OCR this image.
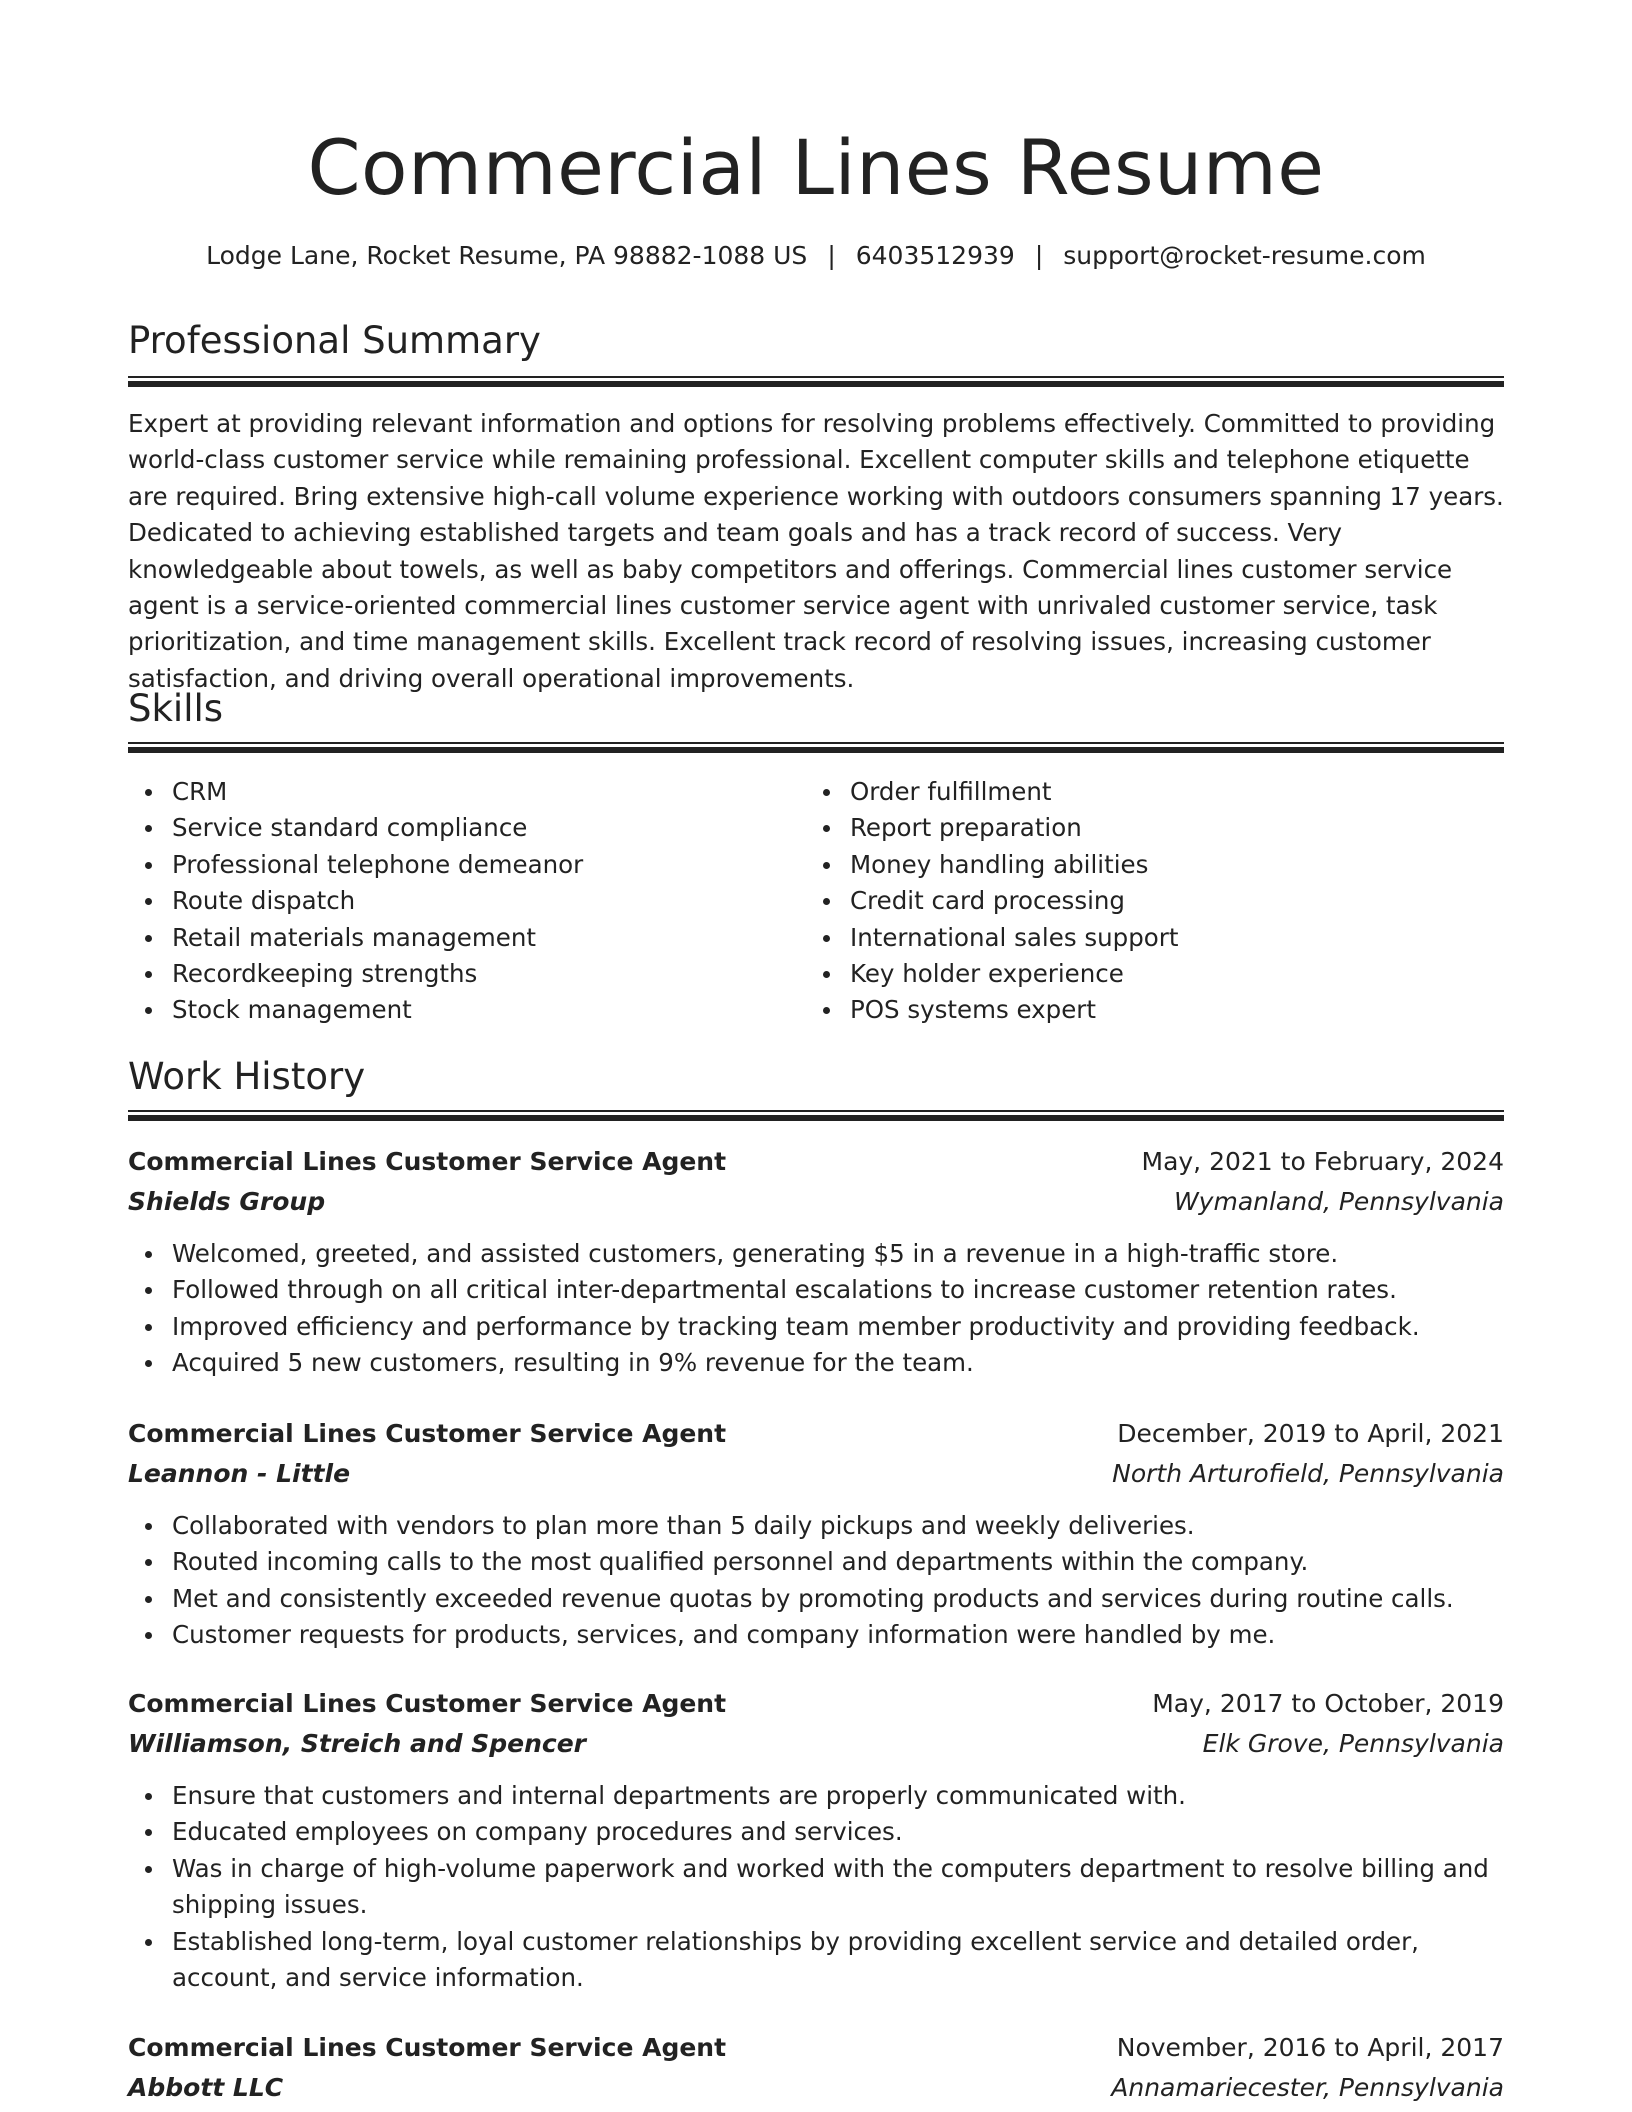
Commercial Lines Resume
Lodge Lane, Rocket Resume, PA 98882-1088 US | 6403512939 | support@rocket-resume.com
Professional Summary
Expert at providing relevant information and options for resolving problems effectively. Committed to providing world-class customer service while remaining professional. Excellent computer skills and telephone etiquette are required. Bring extensive high-call volume experience working with outdoors consumers spanning 17 years. Dedicated to achieving established targets and team goals and has a track record of success. Very knowledgeable about towels, as well as baby competitors and offerings. Commercial lines customer service agent is a service-oriented commercial lines customer service agent with unrivaled customer service, task prioritization, and time management skills. Excellent track record of resolving issues, increasing customer satisfaction, and driving overall operational improvements.
Skills
CRM
Service standard compliance
Professional telephone demeanor
Route dispatch
Retail materials management
Recordkeeping strengths
Stock management
Order fulfillment
Report preparation
Money handling abilities
Credit card processing
International sales support
Key holder experience
POS systems expert
Work History
Commercial Lines Customer Service Agent	May, 2021 to February, 2024
Shields Group	Wymanland, Pennsylvania
Welcomed, greeted, and assisted customers, generating $5 in a revenue in a high-traffic store.
Followed through on all critical inter-departmental escalations to increase customer retention rates.
Improved efficiency and performance by tracking team member productivity and providing feedback.
Acquired 5 new customers, resulting in 9% revenue for the team.
Commercial Lines Customer Service Agent	December, 2019 to April, 2021
Leannon - Little	North Arturofield, Pennsylvania
Collaborated with vendors to plan more than 5 daily pickups and weekly deliveries.
Routed incoming calls to the most qualified personnel and departments within the company.
Met and consistently exceeded revenue quotas by promoting products and services during routine calls.
Customer requests for products, services, and company information were handled by me.
Commercial Lines Customer Service Agent	May, 2017 to October, 2019
Williamson, Streich and Spencer	Elk Grove, Pennsylvania
Ensure that customers and internal departments are properly communicated with.
Educated employees on company procedures and services.
Was in charge of high-volume paperwork and worked with the computers department to resolve billing and shipping issues.
Established long-term, loyal customer relationships by providing excellent service and detailed order, account, and service information.
Commercial Lines Customer Service Agent	November, 2016 to April, 2017
Abbott LLC	Annamariecester, Pennsylvania
